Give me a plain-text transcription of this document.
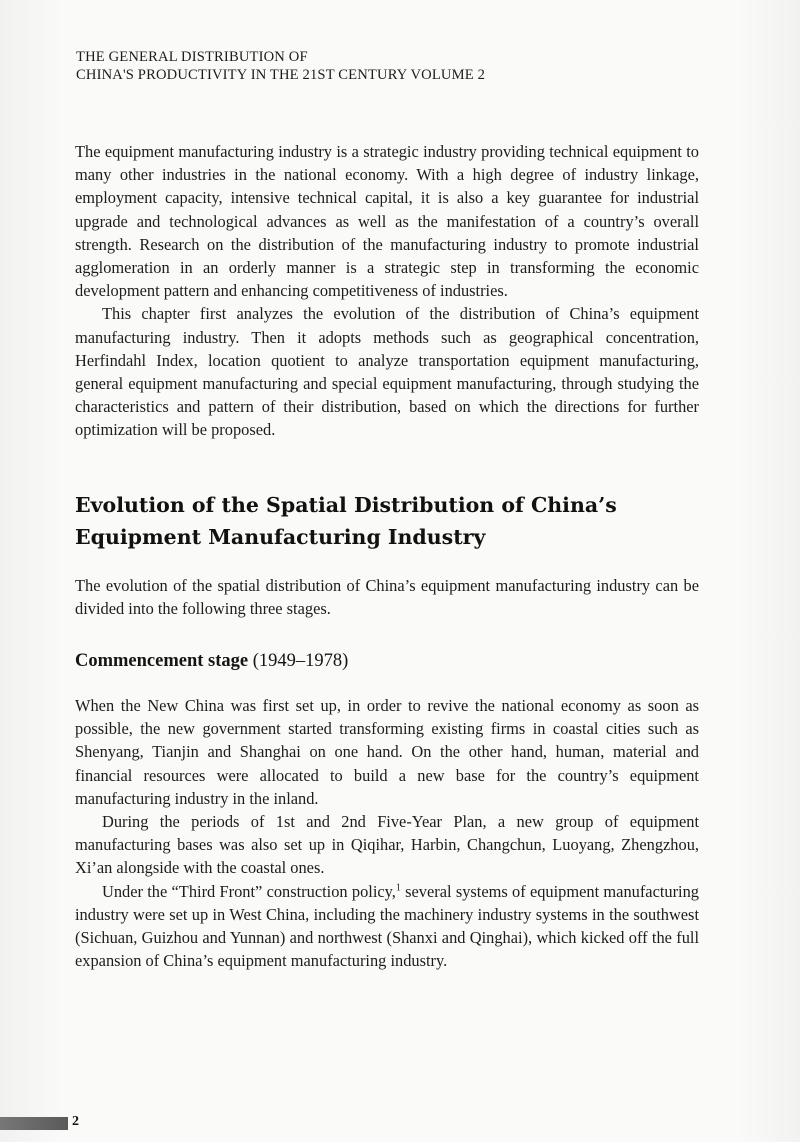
THE GENERAL DISTRIBUTION OF
CHINA'S PRODUCTIVITY IN THE 21ST CENTURY VOLUME 2

The equipment manufacturing industry is a strategic industry providing technical equipment to many other industries in the national economy. With a high degree of industry linkage, employment capacity, intensive technical capital, it is also a key guarantee for industrial upgrade and technological advances as well as the manifestation of a country’s overall strength. Research on the distribution of the manufacturing industry to promote industrial agglomeration in an orderly manner is a strategic step in transforming the economic development pattern and enhancing competitiveness of industries.

This chapter first analyzes the evolution of the distribution of China’s equipment manufacturing industry. Then it adopts methods such as geographical concentration, Herfindahl Index, location quotient to analyze transportation equipment manufacturing, general equipment manufacturing and special equipment manufacturing, through studying the characteristics and pattern of their distribution, based on which the directions for further optimization will be proposed.

Evolution of the Spatial Distribution of China’s Equipment Manufacturing Industry

The evolution of the spatial distribution of China’s equipment manufacturing industry can be divided into the following three stages.

Commencement stage (1949–1978)

When the New China was first set up, in order to revive the national economy as soon as possible, the new government started transforming existing firms in coastal cities such as Shenyang, Tianjin and Shanghai on one hand. On the other hand, human, material and financial resources were allocated to build a new base for the country’s equipment manufacturing industry in the inland.

During the periods of 1st and 2nd Five-Year Plan, a new group of equipment manufacturing bases was also set up in Qiqihar, Harbin, Changchun, Luoyang, Zhengzhou, Xi’an alongside with the coastal ones.

Under the “Third Front” construction policy,$^1$ several systems of equipment manufacturing industry were set up in West China, including the machinery industry systems in the southwest (Sichuan, Guizhou and Yunnan) and northwest (Shanxi and Qinghai), which kicked off the full expansion of China’s equipment manufacturing industry.

2
